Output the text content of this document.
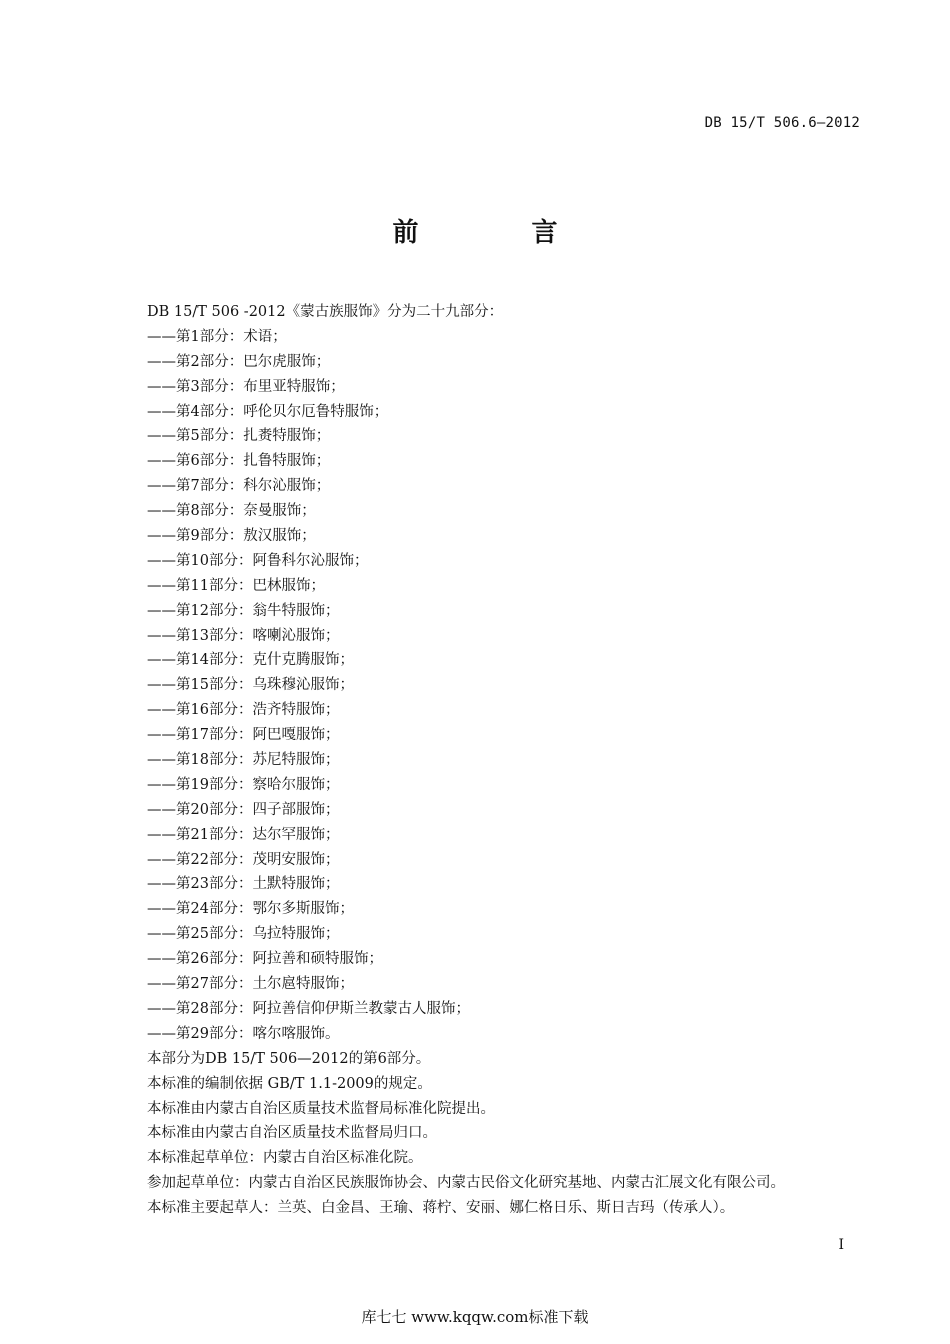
DB 15/T 506.6—2012
前 言
DB 15/T 506 -2012《蒙古族服饰》分为二十九部分：
——第1部分：术语；
——第2部分：巴尔虎服饰；
——第3部分：布里亚特服饰；
——第4部分：呼伦贝尔厄鲁特服饰；
——第5部分：扎赉特服饰；
——第6部分：扎鲁特服饰；
——第7部分：科尔沁服饰；
——第8部分：奈曼服饰；
——第9部分：敖汉服饰；
——第10部分：阿鲁科尔沁服饰；
——第11部分：巴林服饰；
——第12部分：翁牛特服饰；
——第13部分：喀喇沁服饰；
——第14部分：克什克腾服饰；
——第15部分：乌珠穆沁服饰；
——第16部分：浩齐特服饰；
——第17部分：阿巴嘎服饰；
——第18部分：苏尼特服饰；
——第19部分：察哈尔服饰；
——第20部分：四子部服饰；
——第21部分：达尔罕服饰；
——第22部分：茂明安服饰；
——第23部分：土默特服饰；
——第24部分：鄂尔多斯服饰；
——第25部分：乌拉特服饰；
——第26部分：阿拉善和硕特服饰；
——第27部分：土尔扈特服饰；
——第28部分：阿拉善信仰伊斯兰教蒙古人服饰；
——第29部分：喀尔喀服饰。
本部分为DB 15/T 506—2012的第6部分。
本标准的编制依据 GB/T 1.1-2009的规定。
本标准由内蒙古自治区质量技术监督局标准化院提出。
本标准由内蒙古自治区质量技术监督局归口。
本标准起草单位：内蒙古自治区标准化院。
参加起草单位：内蒙古自治区民族服饰协会、内蒙古民俗文化研究基地、内蒙古汇展文化有限公司。
本标准主要起草人：兰英、白金昌、王瑜、蒋柠、安丽、娜仁格日乐、斯日吉玛（传承人）。
I
库七七 www.kqqw.com标准下载
